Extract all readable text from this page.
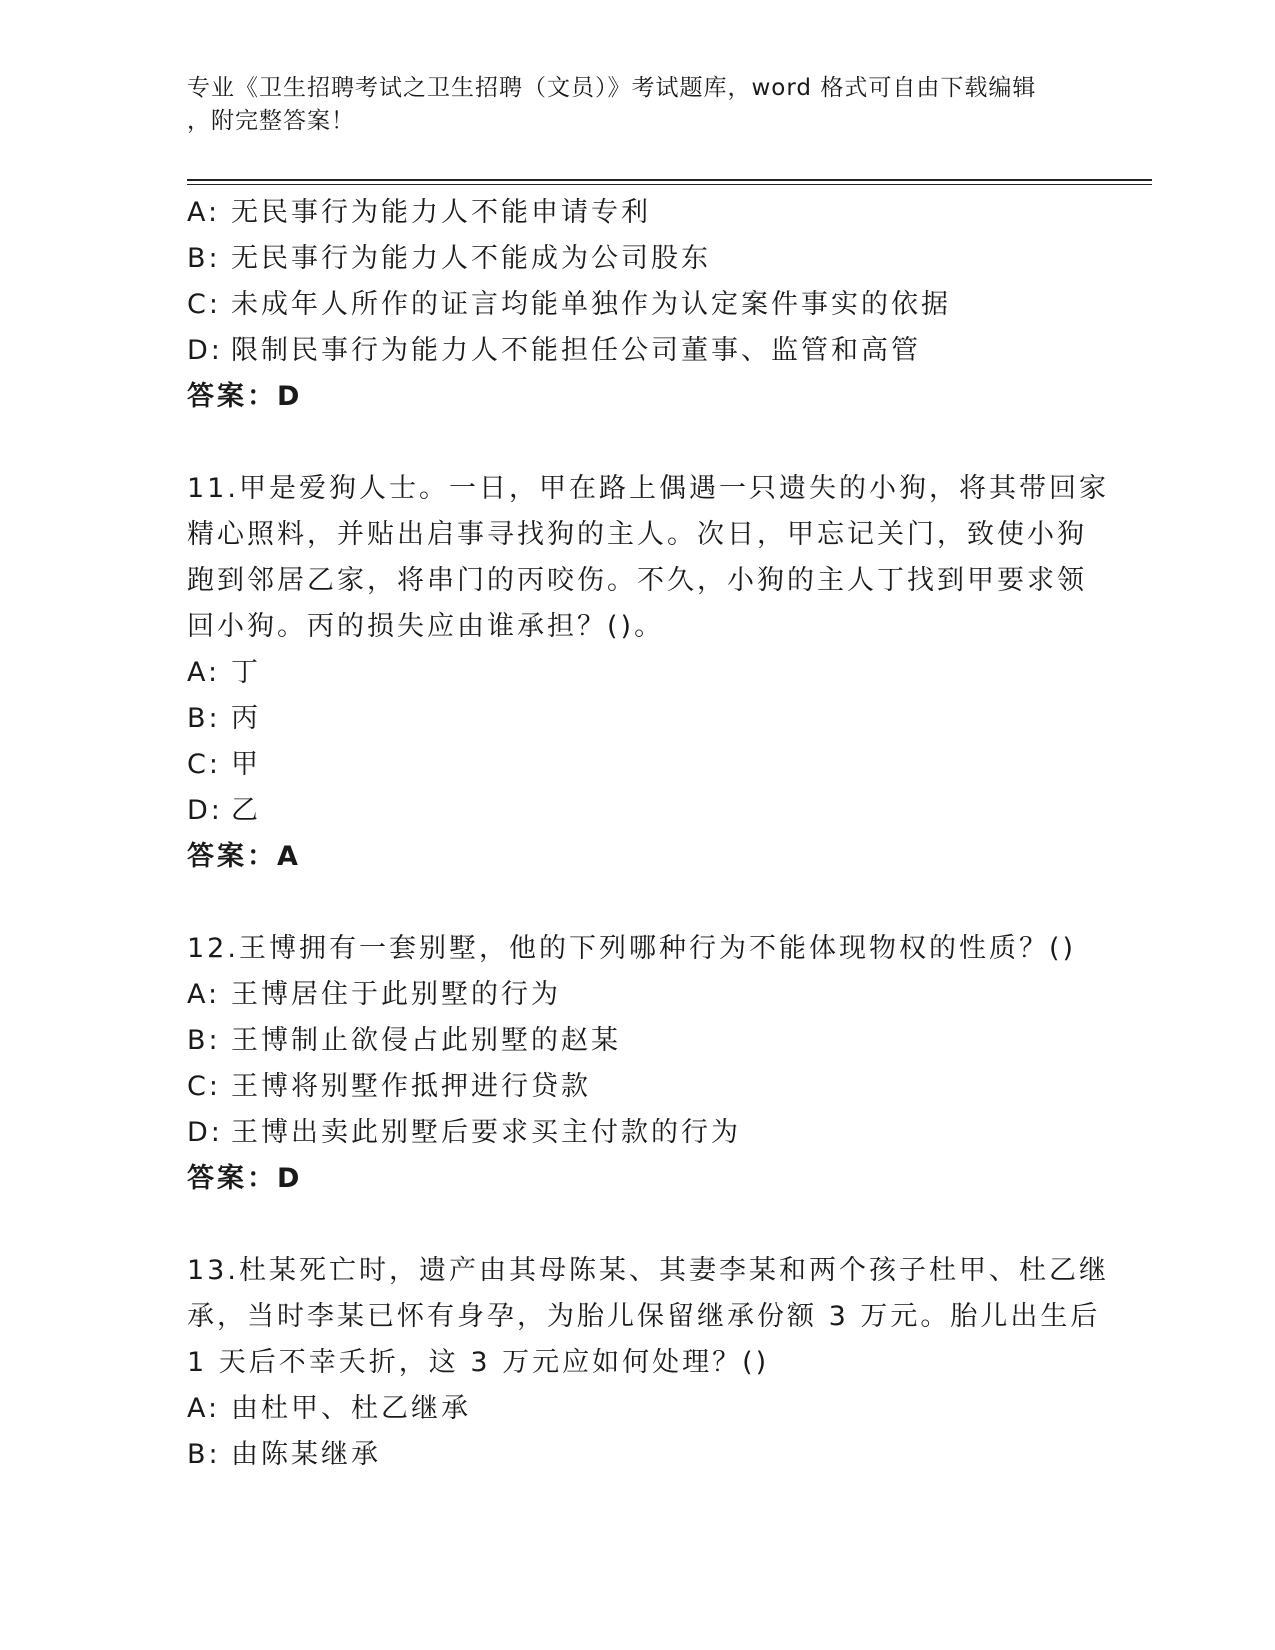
专业《卫生招聘考试之卫生招聘（文员）》考试题库，word 格式可自由下载编辑
，附完整答案！
A: 无民事行为能力人不能申请专利
B: 无民事行为能力人不能成为公司股东
C: 未成年人所作的证言均能单独作为认定案件事实的依据
D: 限制民事行为能力人不能担任公司董事、监管和高管
答案：D
11.甲是爱狗人士。一日，甲在路上偶遇一只遗失的小狗，将其带回家
精心照料，并贴出启事寻找狗的主人。次日，甲忘记关门，致使小狗
跑到邻居乙家，将串门的丙咬伤。不久，小狗的主人丁找到甲要求领
回小狗。丙的损失应由谁承担？()。
A: 丁
B: 丙
C: 甲
D: 乙
答案：A
12.王博拥有一套别墅，他的下列哪种行为不能体现物权的性质？()
A: 王博居住于此别墅的行为
B: 王博制止欲侵占此别墅的赵某
C: 王博将别墅作抵押进行贷款
D: 王博出卖此别墅后要求买主付款的行为
答案：D
13.杜某死亡时，遗产由其母陈某、其妻李某和两个孩子杜甲、杜乙继
承，当时李某已怀有身孕，为胎儿保留继承份额 3 万元。胎儿出生后
1 天后不幸夭折，这 3 万元应如何处理？()
A: 由杜甲、杜乙继承
B: 由陈某继承
